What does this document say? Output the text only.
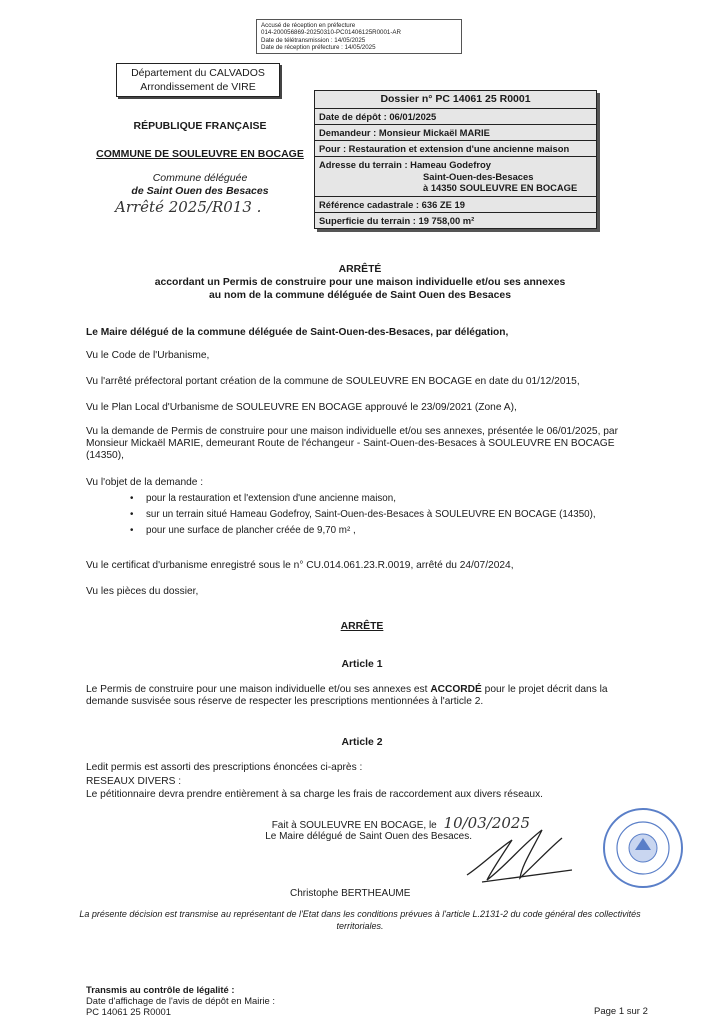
Accusé de réception en préfecture
014-200056869-20250310-PC01406125R0001-AR
Date de télétransmission : 14/05/2025
Date de réception préfecture : 14/05/2025
Département du CALVADOS
Arrondissement de VIRE
RÉPUBLIQUE FRANÇAISE
COMMUNE DE SOULEUVRE EN BOCAGE
Commune déléguée
de Saint Ouen des Besaces
Arrêté 2025/R013 .
Dossier n° PC 14061 25 R0001
Date de dépôt : 06/01/2025
Demandeur : Monsieur Mickaël MARIE
Pour : Restauration et extension d'une ancienne maison
Adresse du terrain : Hameau Godefroy
Saint-Ouen-des-Besaces
à 14350 SOULEUVRE EN BOCAGE
Référence cadastrale : 636 ZE 19
Superficie du terrain : 19 758,00 m²
ARRÊTÉ
accordant un Permis de construire pour une maison individuelle et/ou ses annexes
au nom de la commune déléguée de Saint Ouen des Besaces
Le Maire délégué de la commune déléguée de Saint-Ouen-des-Besaces, par délégation,
Vu le Code de l'Urbanisme,
Vu l'arrêté préfectoral portant création de la commune de SOULEUVRE EN BOCAGE en date du 01/12/2015,
Vu le Plan Local d'Urbanisme de SOULEUVRE EN BOCAGE approuvé le 23/09/2021 (Zone A),
Vu la demande de Permis de construire pour une maison individuelle et/ou ses annexes, présentée le 06/01/2025, par Monsieur Mickaël MARIE, demeurant Route de l'échangeur - Saint-Ouen-des-Besaces à SOULEUVRE EN BOCAGE (14350),
Vu l'objet de la demande :
• pour la restauration et l'extension d'une ancienne maison,
• sur un terrain situé Hameau Godefroy, Saint-Ouen-des-Besaces à SOULEUVRE EN BOCAGE (14350),
• pour une surface de plancher créée de 9,70 m² ,
Vu le certificat d'urbanisme enregistré sous le n° CU.014.061.23.R.0019, arrêté du 24/07/2024,
Vu les pièces du dossier,
ARRÊTE
Article 1
Le Permis de construire pour une maison individuelle et/ou ses annexes est ACCORDÉ pour le projet décrit dans la demande susvisée sous réserve de respecter les prescriptions mentionnées à l'article 2.
Article 2
Ledit permis est assorti des prescriptions énoncées ci-après :
RESEAUX DIVERS :
Le pétitionnaire devra prendre entièrement à sa charge les frais de raccordement aux divers réseaux.
Fait à SOULEUVRE EN BOCAGE, le 10/03/2025
Le Maire délégué de Saint Ouen des Besaces.
Christophe BERTHEAUME
La présente décision est transmise au représentant de l'Etat dans les conditions prévues à l'article L.2131-2 du code général des collectivités territoriales.
Transmis au contrôle de légalité :
Date d'affichage de l'avis de dépôt en Mairie :
PC 14061 25 R0001	Page 1 sur 2
